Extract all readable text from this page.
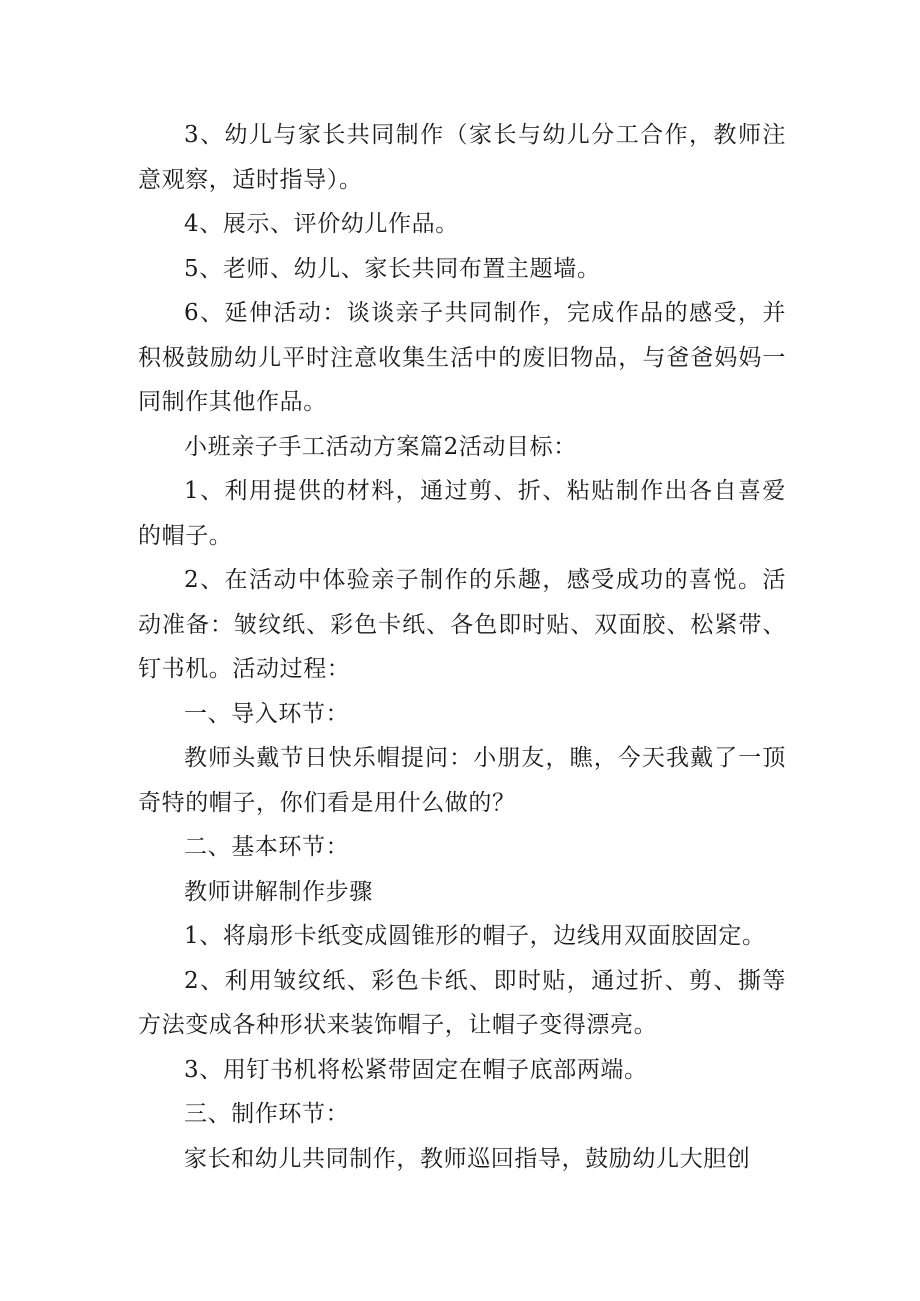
3、幼儿与家长共同制作（家长与幼儿分工合作，教师注意观察，适时指导）。

4、展示、评价幼儿作品。

5、老师、幼儿、家长共同布置主题墙。

6、延伸活动：谈谈亲子共同制作，完成作品的感受，并积极鼓励幼儿平时注意收集生活中的废旧物品，与爸爸妈妈一同制作其他作品。

小班亲子手工活动方案篇2活动目标：

1、利用提供的材料，通过剪、折、粘贴制作出各自喜爱的帽子。

2、在活动中体验亲子制作的乐趣，感受成功的喜悦。活动准备：皱纹纸、彩色卡纸、各色即时贴、双面胶、松紧带、钉书机。活动过程：

一、导入环节：

教师头戴节日快乐帽提问：小朋友，瞧，今天我戴了一顶奇特的帽子，你们看是用什么做的？

二、基本环节：

教师讲解制作步骤

1、将扇形卡纸变成圆锥形的帽子，边线用双面胶固定。

2、利用皱纹纸、彩色卡纸、即时贴，通过折、剪、撕等方法变成各种形状来装饰帽子，让帽子变得漂亮。

3、用钉书机将松紧带固定在帽子底部两端。

三、制作环节：

家长和幼儿共同制作，教师巡回指导，鼓励幼儿大胆创
